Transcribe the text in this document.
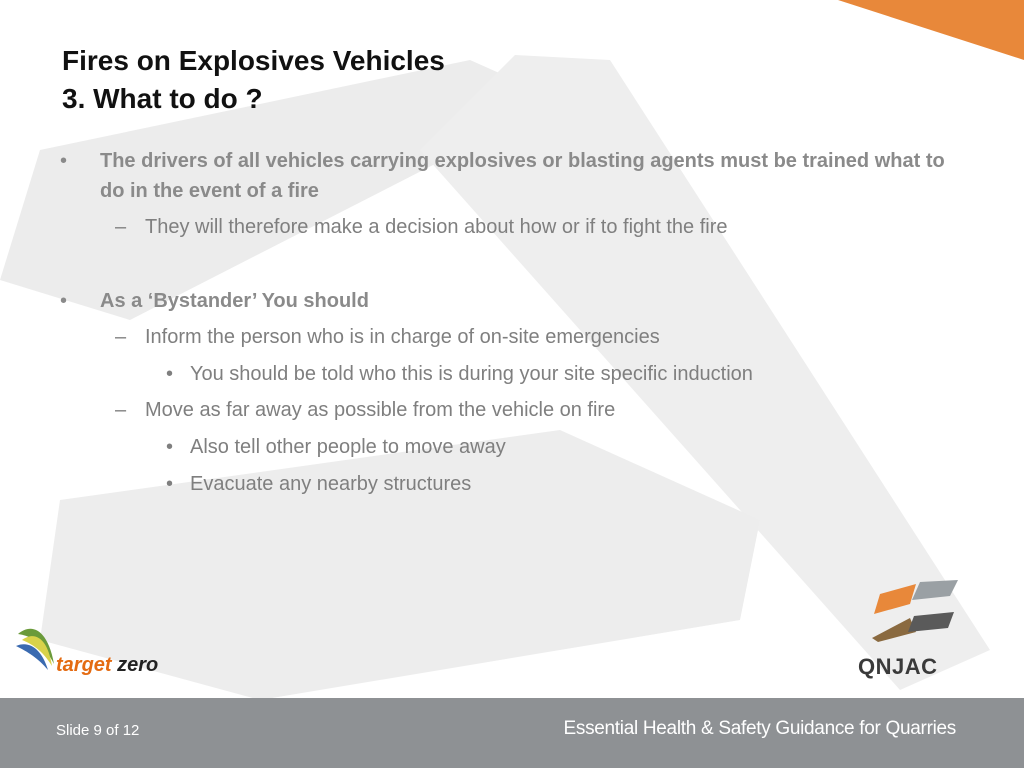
Fires on Explosives Vehicles
3. What to do ?
• The drivers of all vehicles carrying explosives or blasting agents must be trained what to do in the event of a fire
– They will therefore make a decision about how or if to fight the fire
• As a ‘Bystander’ You should
– Inform the person who is in charge of on-site emergencies
• You should be told who this is during your site specific induction
– Move as far away as possible from the vehicle on fire
• Also tell other people to move away
• Evacuate any nearby structures
target zero	QNJAC
Slide 9 of 12	Essential Health & Safety Guidance for Quarries
